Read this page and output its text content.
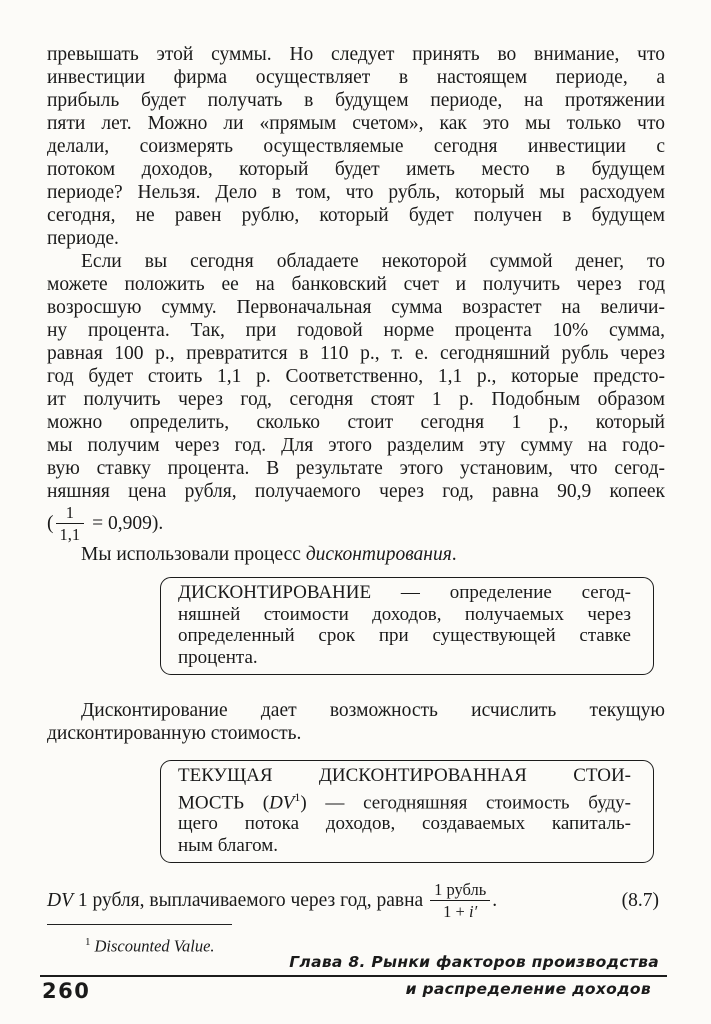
превышать этой суммы. Но следует принять во внимание, что
инвестиции фирма осуществляет в настоящем периоде, а
прибыль будет получать в будущем периоде, на протяжении
пяти лет. Можно ли «прямым счетом», как это мы только что
делали, соизмерять осуществляемые сегодня инвестиции с
потоком доходов, который будет иметь место в будущем
периоде? Нельзя. Дело в том, что рубль, который мы расходуем
сегодня, не равен рублю, который будет получен в будущем
периоде.
Если вы сегодня обладаете некоторой суммой денег, то
можете положить ее на банковский счет и получить через год
возросшую сумму. Первоначальная сумма возрастет на величи-
ну процента. Так, при годовой норме процента 10% сумма,
равная 100 р., превратится в 110 р., т. е. сегодняшний рубль через
год будет стоить 1,1 р. Соответственно, 1,1 р., которые предсто-
ит получить через год, сегодня стоят 1 р. Подобным образом
можно определить, сколько стоит сегодня 1 р., который
мы получим через год. Для этого разделим эту сумму на годо-
вую ставку процента. В результате этого установим, что сегод-
няшняя цена рубля, получаемого через год, равна 90,9 копеек
( $\frac{1}{1,1} = 0,909$).
Мы использовали процесс дисконтирования.
ДИСКОНТИРОВАНИЕ — определение сегод-
няшней стоимости доходов, получаемых через
определенный срок при существующей ставке
процента.
Дисконтирование дает возможность исчислить текущую
дисконтированную стоимость.
ТЕКУЩАЯ ДИСКОНТИРОВАННАЯ СТОИ-
МОСТЬ $(DV^1)$ — сегодняшняя стоимость буду-
щего потока доходов, создаваемых капиталь-
ным благом.
DV 1 рубля, выплачиваемого через год, равна $\frac{\text{1 рубль}}{1 + i'}$ .	(8.7)
$^1$ Discounted Value.
Глава 8. Рынки факторов производства
260	и распределение доходов
